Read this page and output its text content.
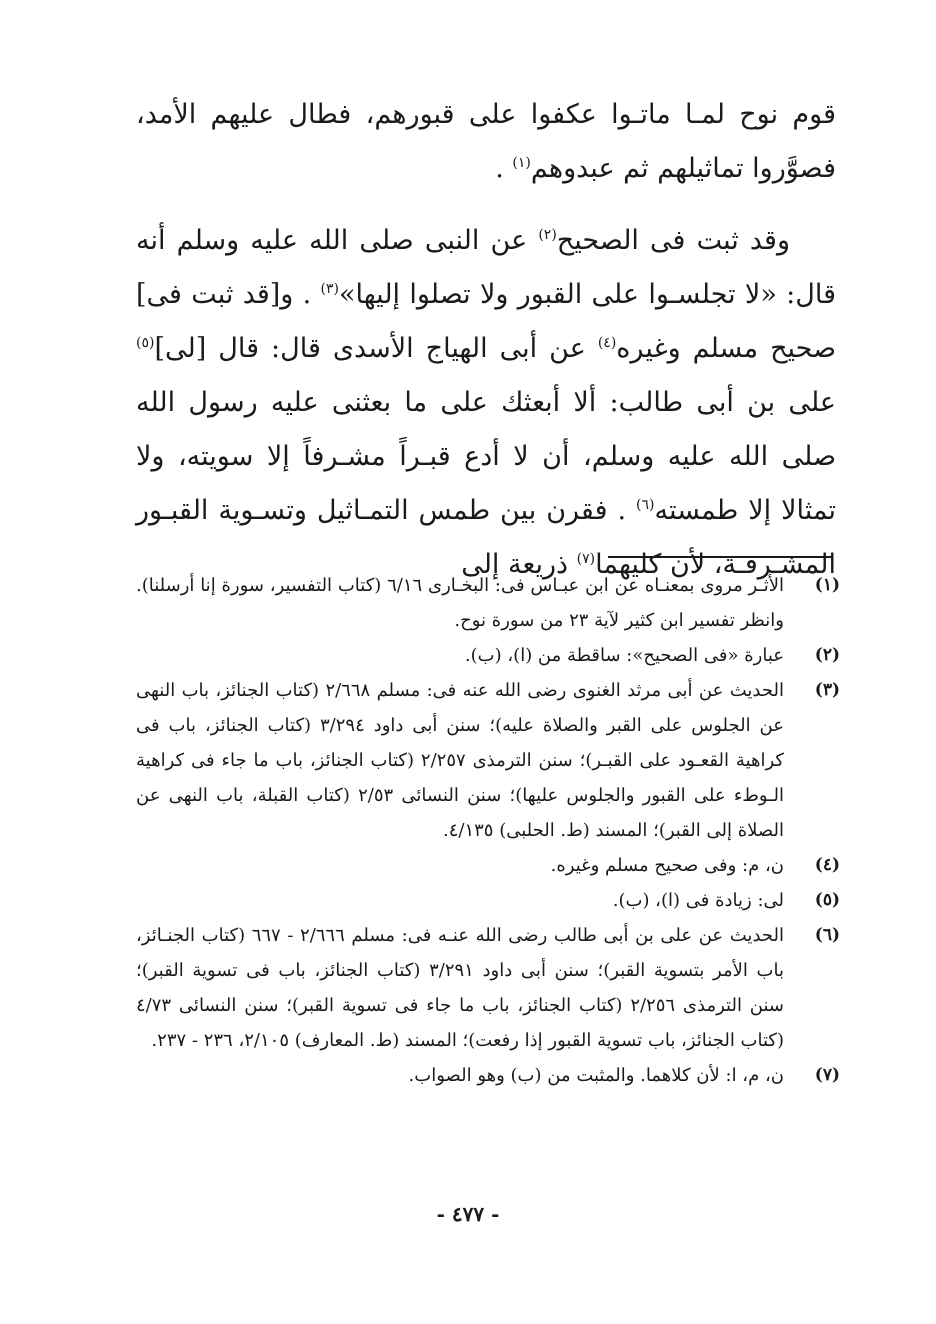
قوم نوح لمـا ماتـوا عكفوا على قبورهم، فطال عليهم الأمد، فصوَّروا تماثيلهم ثم عبدوهم$^{(١)}$ .

وقد ثبت فى الصحيح$^{(٢)}$ عن النبى صلى الله عليه وسلم أنه قال: «لا تجلسـوا على القبور ولا تصلوا إليها»$^{(٣)}$ . و[قد ثبت فى] صحيح مسلم وغيره$^{(٤)}$ عن أبى الهياج الأسدى قال: قال [لى]$^{(٥)}$ على بن أبى طالب: ألا أبعثك على ما بعثنى عليه رسول الله صلى الله عليه وسلم، أن لا أدع قبـراً مشـرفاً إلا سويته، ولا تمثالا إلا طمسته$^{(٦)}$ . فقرن بين طمس التمـاثيل وتسـوية القبـور المشـرفـة، لأن كليهما$^{(٧)}$ ذريعة إلى

(١)
الأثـر مروى بمعنـاه عن ابن عبـاس فى: البخـارى ٦/١٦ (كتاب التفسير، سورة إنا أرسلنا). وانظر تفسير ابن كثير لآية ٢٣ من سورة نوح.
(٢)
عبارة «فى الصحيح»: ساقطة من (ا)، (ب).
(٣)
الحديث عن أبى مرثد الغنوى رضى الله عنه فى: مسلم ٢/٦٦٨ (كتاب الجنائز، باب النهى عن الجلوس على القبر والصلاة عليه)؛ سنن أبى داود ٣/٢٩٤ (كتاب الجنائز، باب فى كراهية القعـود على القبـر)؛ سنن الترمذى ٢/٢٥٧ (كتاب الجنائز، باب ما جاء فى كراهية الـوطء على القبور والجلوس عليها)؛ سنن النسائى ٢/٥٣ (كتاب القبلة، باب النهى عن الصلاة إلى القبر)؛ المسند (ط. الحلبى) ٤/١٣٥.
(٤)
ن، م: وفى صحيح مسلم وغيره.
(٥)
لى: زيادة فى (ا)، (ب).
(٦)
الحديث عن على بن أبى طالب رضى الله عنـه فى: مسلم ٢/٦٦٦ - ٦٦٧ (كتاب الجنـائز، باب الأمر بتسوية القبر)؛ سنن أبى داود ٣/٢٩١ (كتاب الجنائز، باب فى تسوية القبر)؛ سنن الترمذى ٢/٢٥٦ (كتاب الجنائز، باب ما جاء فى تسوية القبر)؛ سنن النسائى ٤/٧٣ (كتاب الجنائز، باب تسوية القبور إذا رفعت)؛ المسند (ط. المعارف) ٢/١٠٥، ٢٣٦ - ٢٣٧.
(٧)
ن، م، ا: لأن كلاهما. والمثبت من (ب) وهو الصواب.
- ٤٧٧ -
